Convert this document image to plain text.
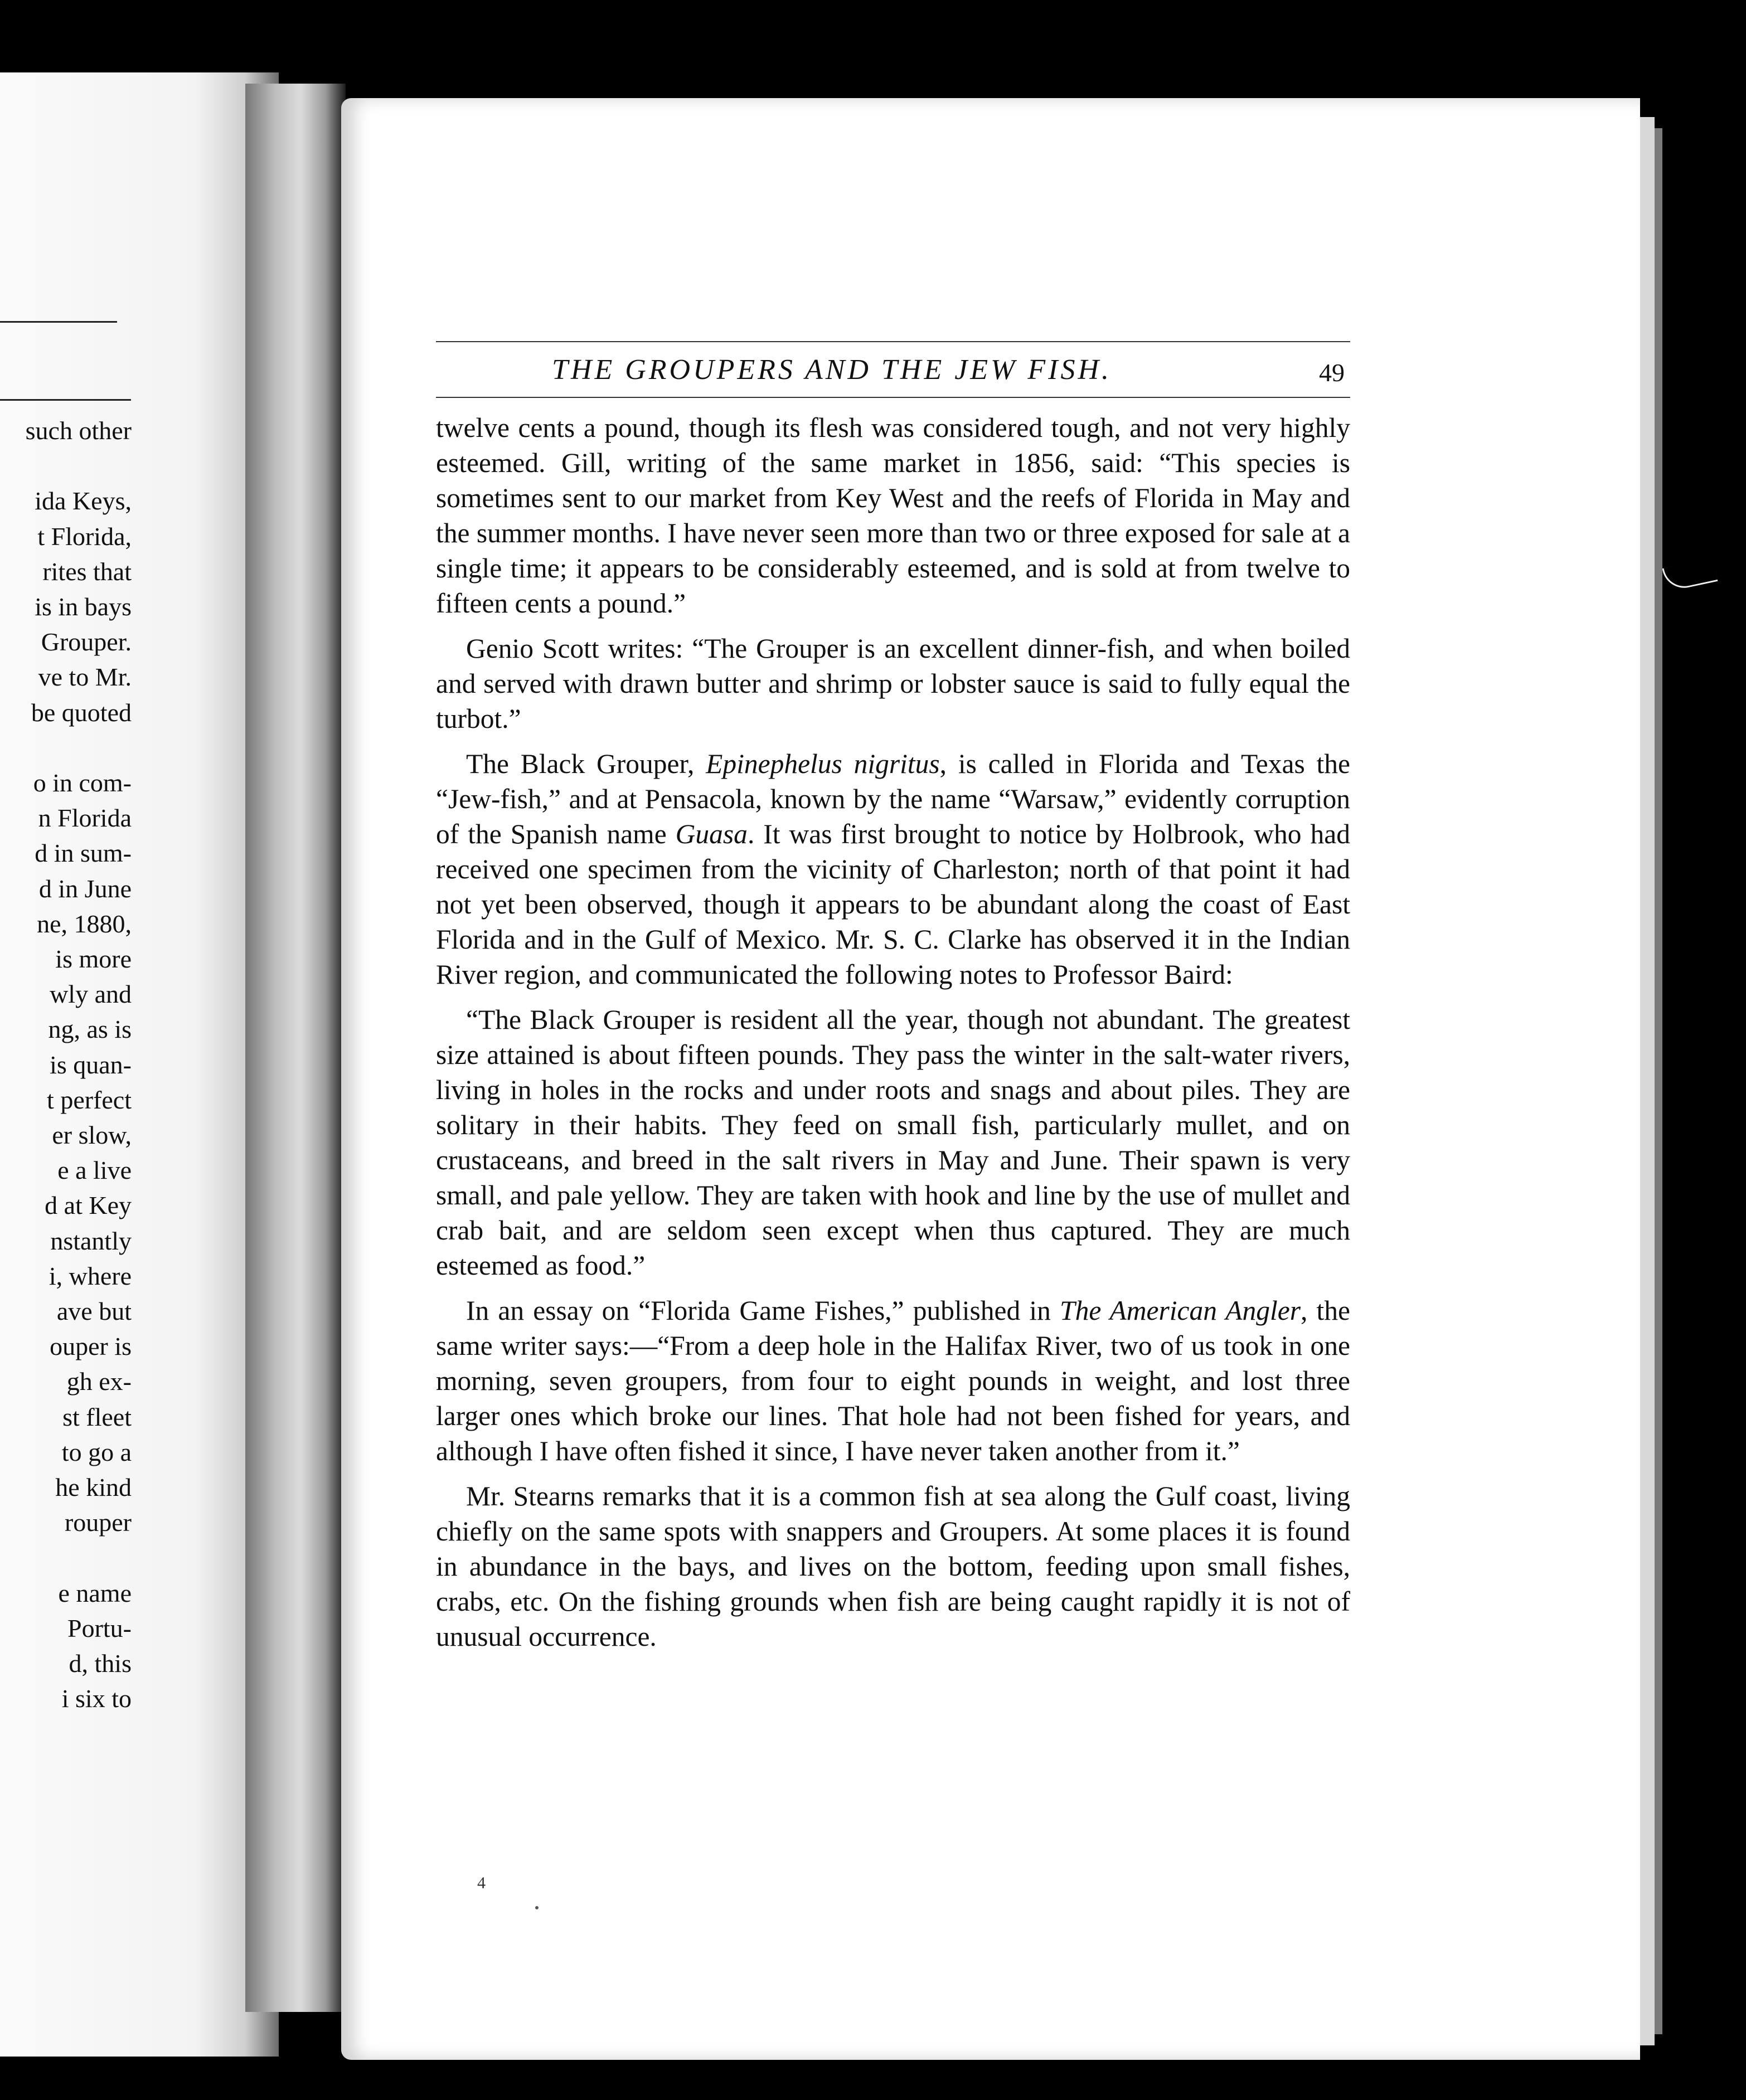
such other
ida Keys,
t Florida,
rites that
is in bays
Grouper.
ve to Mr.
be quoted
o in com-
n Florida
d in sum-
d in June
ne, 1880,
is more
wly and
ng, as is
is quan-
t perfect
er slow,
e a live
d at Key
nstantly
i, where
ave but
ouper is
gh ex-
st fleet
to go a
he kind
rouper
e name
Portu-
d, this
i six to
THE GROUPERS AND THE JEW FISH.	49

twelve cents a pound, though its flesh was considered tough, and not very highly esteemed. Gill, writing of the same market in 1856, said: “This species is sometimes sent to our market from Key West and the reefs of Florida in May and the summer months. I have never seen more than two or three exposed for sale at a single time; it appears to be considerably esteemed, and is sold at from twelve to fifteen cents a pound.”

Genio Scott writes: “The Grouper is an excellent dinner-fish, and when boiled and served with drawn butter and shrimp or lobster sauce is said to fully equal the turbot.”

The Black Grouper, Epinephelus nigritus, is called in Florida and Texas the “Jew-fish,” and at Pensacola, known by the name “Warsaw,” evidently corruption of the Spanish name Guasa. It was first brought to notice by Holbrook, who had received one specimen from the vicinity of Charleston; north of that point it had not yet been observed, though it appears to be abundant along the coast of East Florida and in the Gulf of Mexico. Mr. S. C. Clarke has observed it in the Indian River region, and communicated the following notes to Professor Baird:

“The Black Grouper is resident all the year, though not abundant. The greatest size attained is about fifteen pounds. They pass the winter in the salt-water rivers, living in holes in the rocks and under roots and snags and about piles. They are solitary in their habits. They feed on small fish, particularly mullet, and on crustaceans, and breed in the salt rivers in May and June. Their spawn is very small, and pale yellow. They are taken with hook and line by the use of mullet and crab bait, and are seldom seen except when thus captured. They are much esteemed as food.”

In an essay on “Florida Game Fishes,” published in The American Angler, the same writer says:—“From a deep hole in the Halifax River, two of us took in one morning, seven groupers, from four to eight pounds in weight, and lost three larger ones which broke our lines. That hole had not been fished for years, and although I have often fished it since, I have never taken another from it.”

Mr. Stearns remarks that it is a common fish at sea along the Gulf coast, living chiefly on the same spots with snappers and Groupers. At some places it is found in abundance in the bays, and lives on the bottom, feeding upon small fishes, crabs, etc. On the fishing grounds when fish are being caught rapidly it is not of unusual occurrence.

4
